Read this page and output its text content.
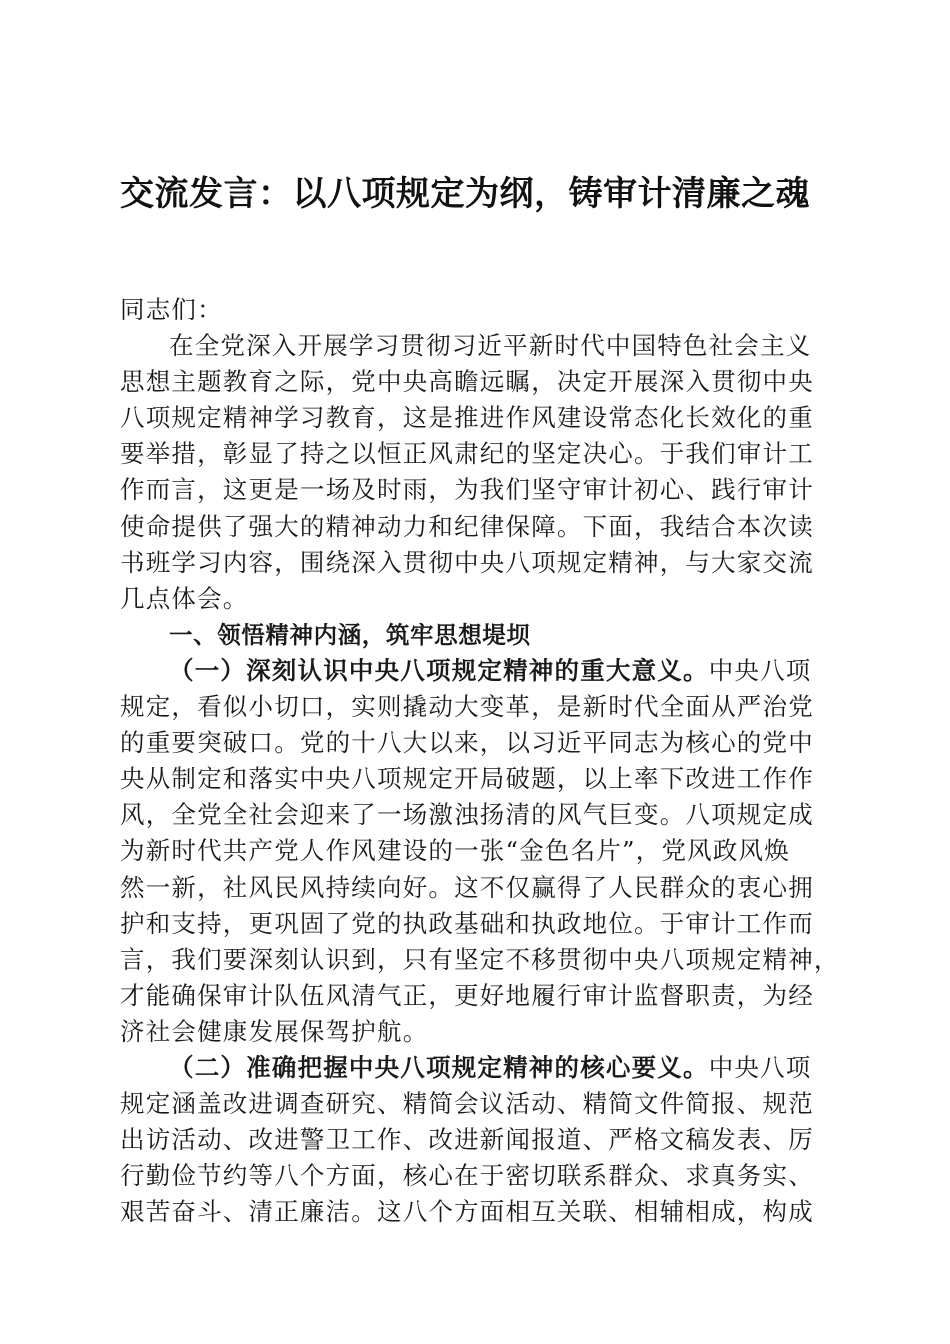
交流发言：以八项规定为纲，铸审计清廉之魂
同志们：
在全党深入开展学习贯彻习近平新时代中国特色社会主义
思想主题教育之际，党中央高瞻远瞩，决定开展深入贯彻中央
八项规定精神学习教育，这是推进作风建设常态化长效化的重
要举措，彰显了持之以恒正风肃纪的坚定决心。于我们审计工
作而言，这更是一场及时雨，为我们坚守审计初心、践行审计
使命提供了强大的精神动力和纪律保障。下面，我结合本次读
书班学习内容，围绕深入贯彻中央八项规定精神，与大家交流
几点体会。
一、领悟精神内涵，筑牢思想堤坝
（一）深刻认识中央八项规定精神的重大意义。中央八项
规定，看似小切口，实则撬动大变革，是新时代全面从严治党
的重要突破口。党的十八大以来，以习近平同志为核心的党中
央从制定和落实中央八项规定开局破题，以上率下改进工作作
风，全党全社会迎来了一场激浊扬清的风气巨变。八项规定成
为新时代共产党人作风建设的一张“金色名片”，党风政风焕
然一新，社风民风持续向好。这不仅赢得了人民群众的衷心拥
护和支持，更巩固了党的执政基础和执政地位。于审计工作而
言，我们要深刻认识到，只有坚定不移贯彻中央八项规定精神，
才能确保审计队伍风清气正，更好地履行审计监督职责，为经
济社会健康发展保驾护航。
（二）准确把握中央八项规定精神的核心要义。中央八项
规定涵盖改进调查研究、精简会议活动、精简文件简报、规范
出访活动、改进警卫工作、改进新闻报道、严格文稿发表、厉
行勤俭节约等八个方面，核心在于密切联系群众、求真务实、
艰苦奋斗、清正廉洁。这八个方面相互关联、相辅相成，构成
